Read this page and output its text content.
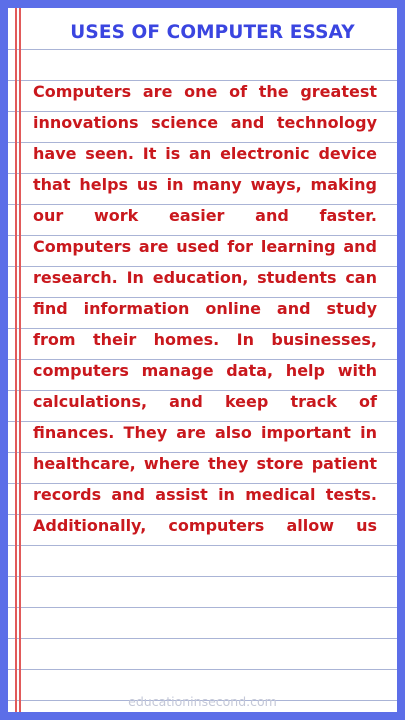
USES OF COMPUTER ESSAY

Computers are one of the greatest innovations science and technology have seen. It is an electronic device that helps us in many ways, making our work easier and faster. Computers are used for learning and research. In education, students can find information online and study from their homes. In businesses, computers manage data, help with calculations, and keep track of finances. They are also important in healthcare, where they store patient records and assist in medical tests. Additionally, computers allow us

educationinsecond.com
